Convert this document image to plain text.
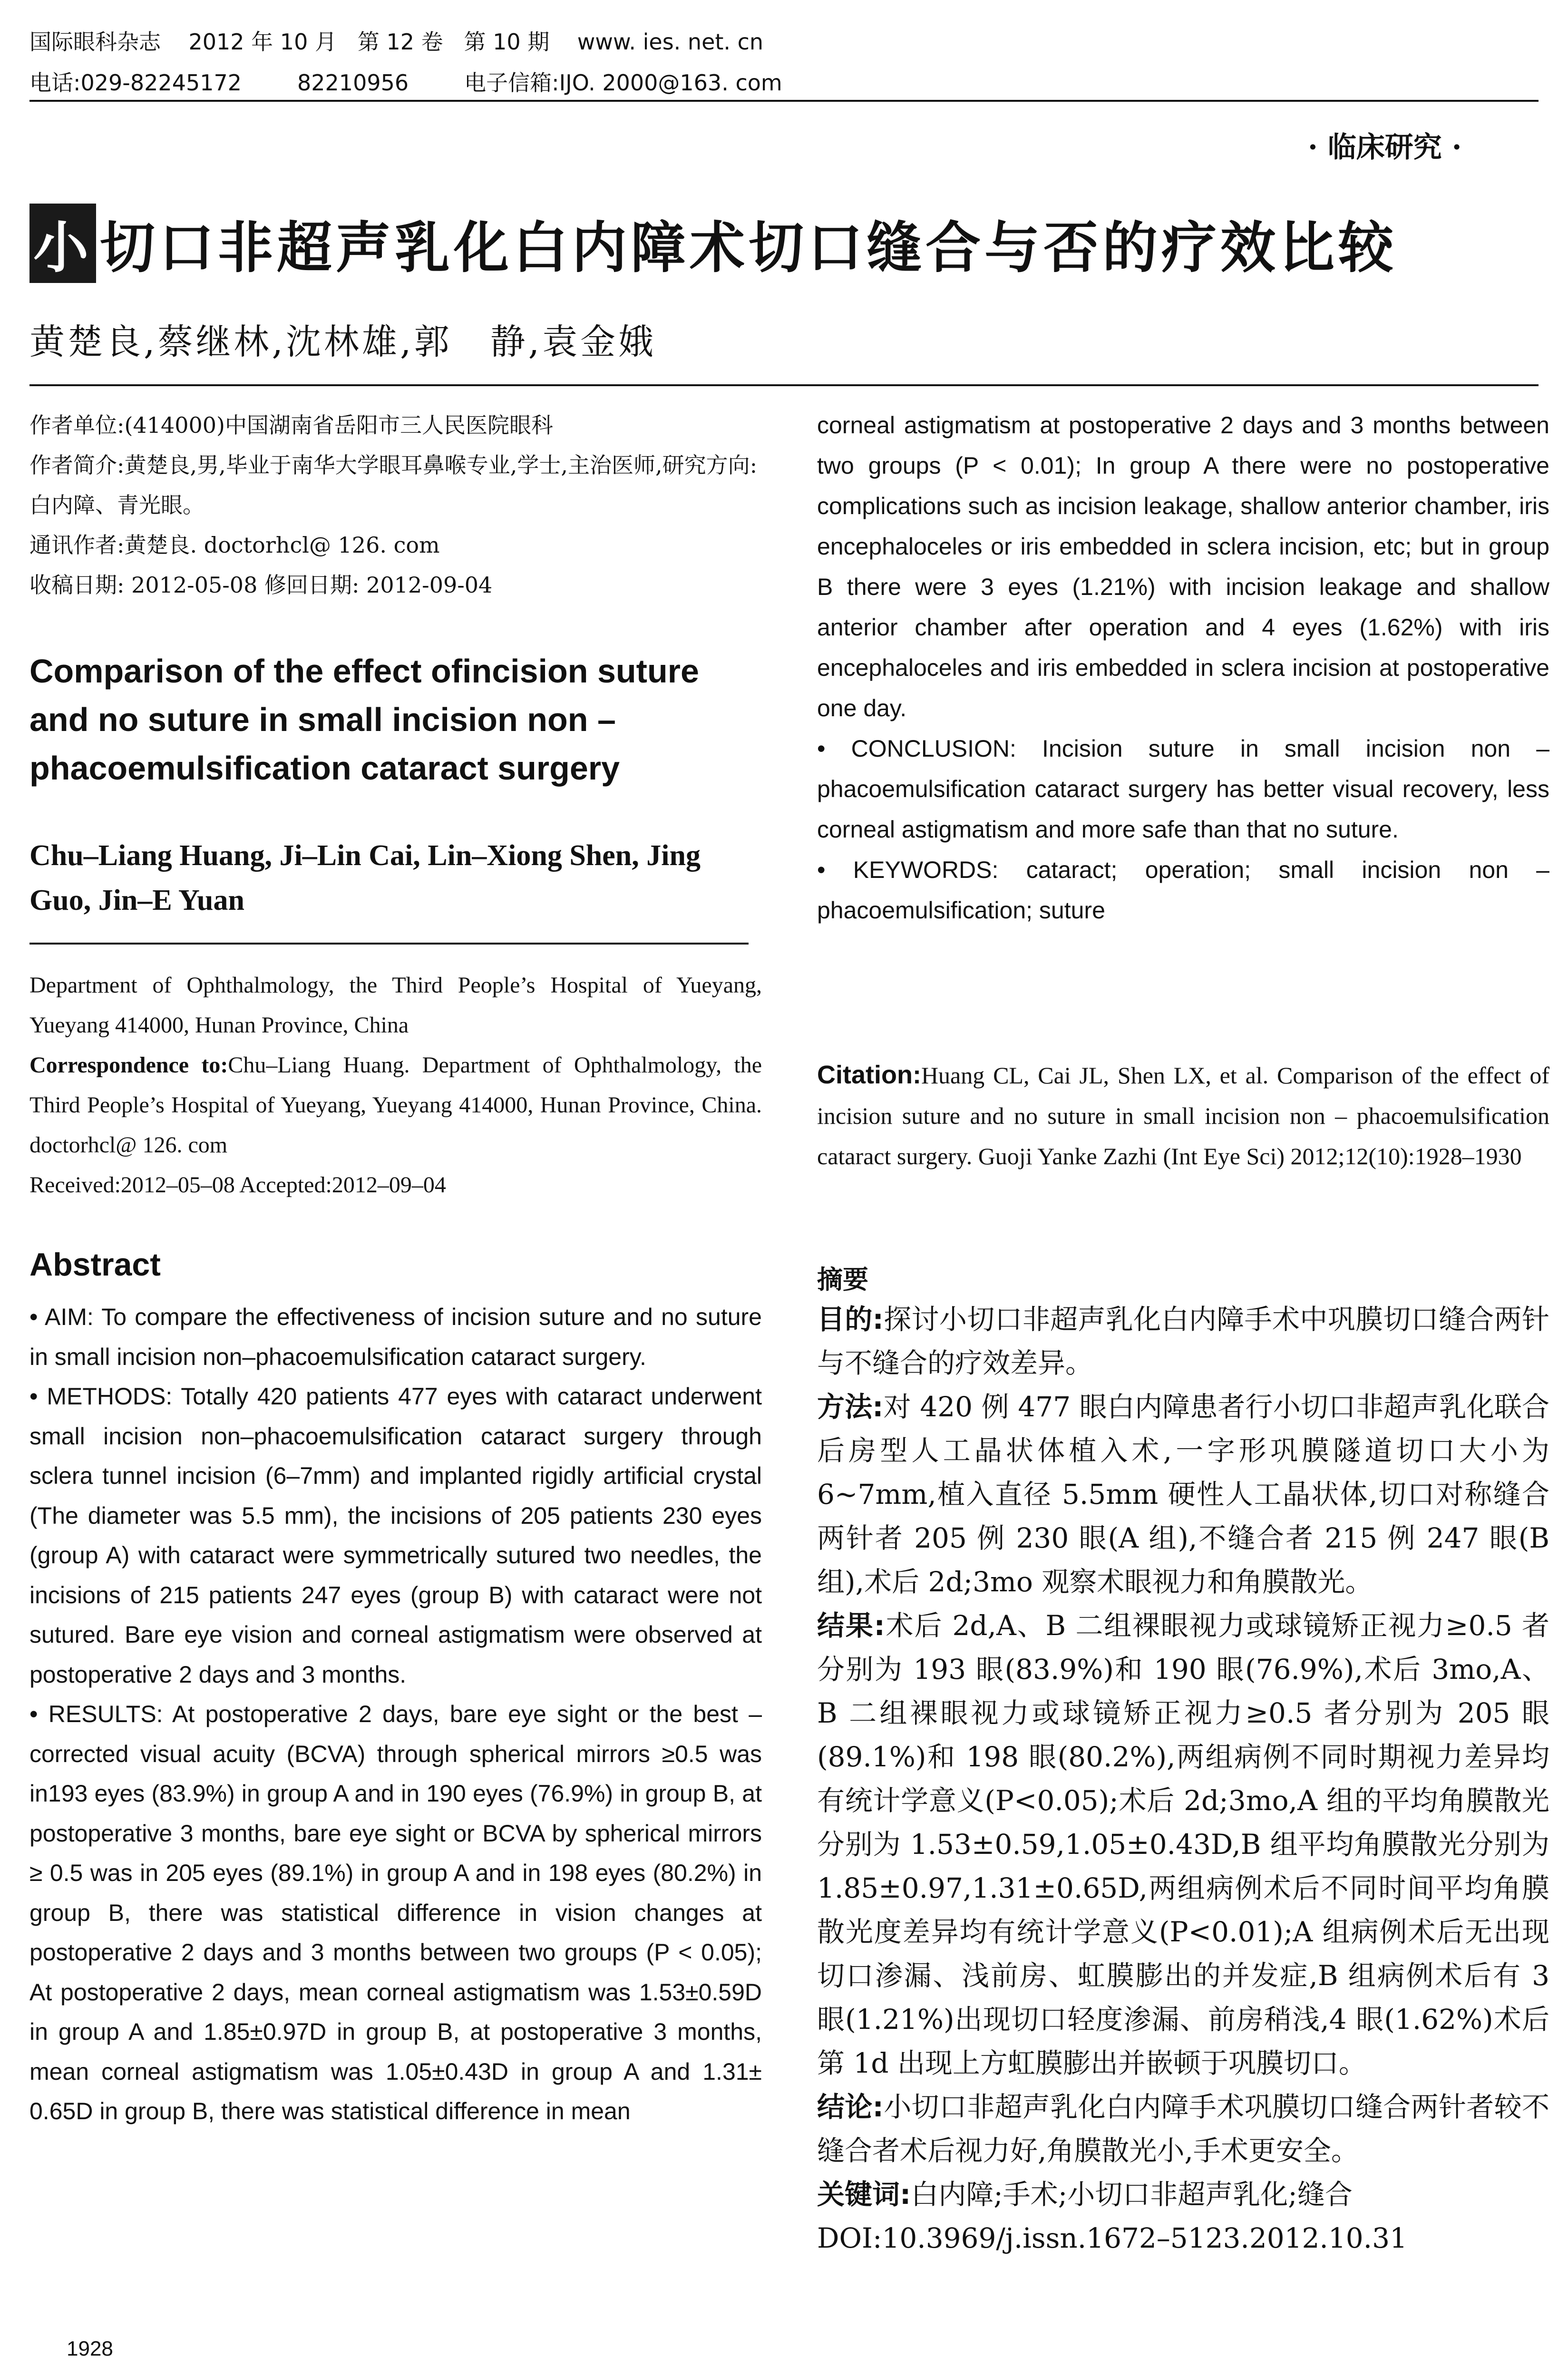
国际眼科杂志    2012 年 10 月   第 12 卷   第 10 期    www. ies. net. cn
电话:029-82245172        82210956        电子信箱:IJO. 2000@163. com
· 临床研究 ·
小 切口非超声乳化白内障术切口缝合与否的疗效比较
黄楚良,蔡继林,沈林雄,郭　静,袁金娥

作者单位:(414000)中国湖南省岳阳市三人民医院眼科

作者简介:黄楚良,男,毕业于南华大学眼耳鼻喉专业,学士,主治医师,研究方向:白内障、青光眼。

通讯作者:黄楚良. doctorhcl@ 126. com

收稿日期: 2012-05-08 修回日期: 2012-09-04

Comparison of the effect ofincision suture and no suture in small incision non – phacoemulsification cataract surgery
Chu–Liang Huang, Ji–Lin Cai, Lin–Xiong Shen, Jing Guo, Jin–E Yuan

Department of Ophthalmology, the Third People’s Hospital of Yueyang, Yueyang 414000, Hunan Province, China

Correspondence to:Chu–Liang Huang. Department of Ophthalmology, the Third People’s Hospital of Yueyang, Yueyang 414000, Hunan Province, China. doctorhcl@ 126. com

Received:2012–05–08 Accepted:2012–09–04

Abstract

• AIM: To compare the effectiveness of incision suture and no suture in small incision non–phacoemulsification cataract surgery.

• METHODS: Totally 420 patients 477 eyes with cataract underwent small incision non–phacoemulsification cataract surgery through sclera tunnel incision (6–7mm) and implanted rigidly artificial crystal (The diameter was 5.5 mm), the incisions of 205 patients 230 eyes (group A) with cataract were symmetrically sutured two needles, the incisions of 215 patients 247 eyes (group B) with cataract were not sutured. Bare eye vision and corneal astigmatism were observed at postoperative 2 days and 3 months.

• RESULTS: At postoperative 2 days, bare eye sight or the best – corrected visual acuity (BCVA) through spherical mirrors ≥0.5 was in193 eyes (83.9%) in group A and in 190 eyes (76.9%) in group B, at postoperative 3 months, bare eye sight or BCVA by spherical mirrors ≥ 0.5 was in 205 eyes (89.1%) in group A and in 198 eyes (80.2%) in group B, there was statistical difference in vision changes at postoperative 2 days and 3 months between two groups (P < 0.05); At postoperative 2 days, mean corneal astigmatism was 1.53±0.59D in group A and 1.85±0.97D in group B, at postoperative 3 months, mean corneal astigmatism was 1.05±0.43D in group A and 1.31± 0.65D in group B, there was statistical difference in mean

corneal astigmatism at postoperative 2 days and 3 months between two groups (P < 0.01); In group A there were no postoperative complications such as incision leakage, shallow anterior chamber, iris encephaloceles or iris embedded in sclera incision, etc; but in group B there were 3 eyes (1.21%) with incision leakage and shallow anterior chamber after operation and 4 eyes (1.62%) with iris encephaloceles and iris embedded in sclera incision at postoperative one day.

• CONCLUSION: Incision suture in small incision non – phacoemulsification cataract surgery has better visual recovery, less corneal astigmatism and more safe than that no suture.

• KEYWORDS: cataract; operation; small incision non – phacoemulsification; suture

Citation:Huang CL, Cai JL, Shen LX, et al. Comparison of the effect of incision suture and no suture in small incision non – phacoemulsification cataract surgery. Guoji Yanke Zazhi (Int Eye Sci) 2012;12(10):1928–1930
摘要

目的:探讨小切口非超声乳化白内障手术中巩膜切口缝合两针与不缝合的疗效差异。

方法:对 420 例 477 眼白内障患者行小切口非超声乳化联合后房型人工晶状体植入术,一字形巩膜隧道切口大小为 6~7mm,植入直径 5.5mm 硬性人工晶状体,切口对称缝合两针者 205 例 230 眼(A 组),不缝合者 215 例 247 眼(B 组),术后 2d;3mo 观察术眼视力和角膜散光。

结果:术后 2d,A、B 二组裸眼视力或球镜矫正视力≥0.5 者分别为 193 眼(83.9%)和 190 眼(76.9%),术后 3mo,A、B 二组裸眼视力或球镜矫正视力≥0.5 者分别为 205 眼(89.1%)和 198 眼(80.2%),两组病例不同时期视力差异均有统计学意义(P<0.05);术后 2d;3mo,A 组的平均角膜散光分别为 1.53±0.59,1.05±0.43D,B 组平均角膜散光分别为 1.85±0.97,1.31±0.65D,两组病例术后不同时间平均角膜散光度差异均有统计学意义(P<0.01);A 组病例术后无出现切口渗漏、浅前房、虹膜膨出的并发症,B 组病例术后有 3 眼(1.21%)出现切口轻度渗漏、前房稍浅,4 眼(1.62%)术后第 1d 出现上方虹膜膨出并嵌顿于巩膜切口。

结论:小切口非超声乳化白内障手术巩膜切口缝合两针者较不缝合者术后视力好,角膜散光小,手术更安全。

关键词:白内障;手术;小切口非超声乳化;缝合

DOI:10.3969/j.issn.1672–5123.2012.10.31

1928
